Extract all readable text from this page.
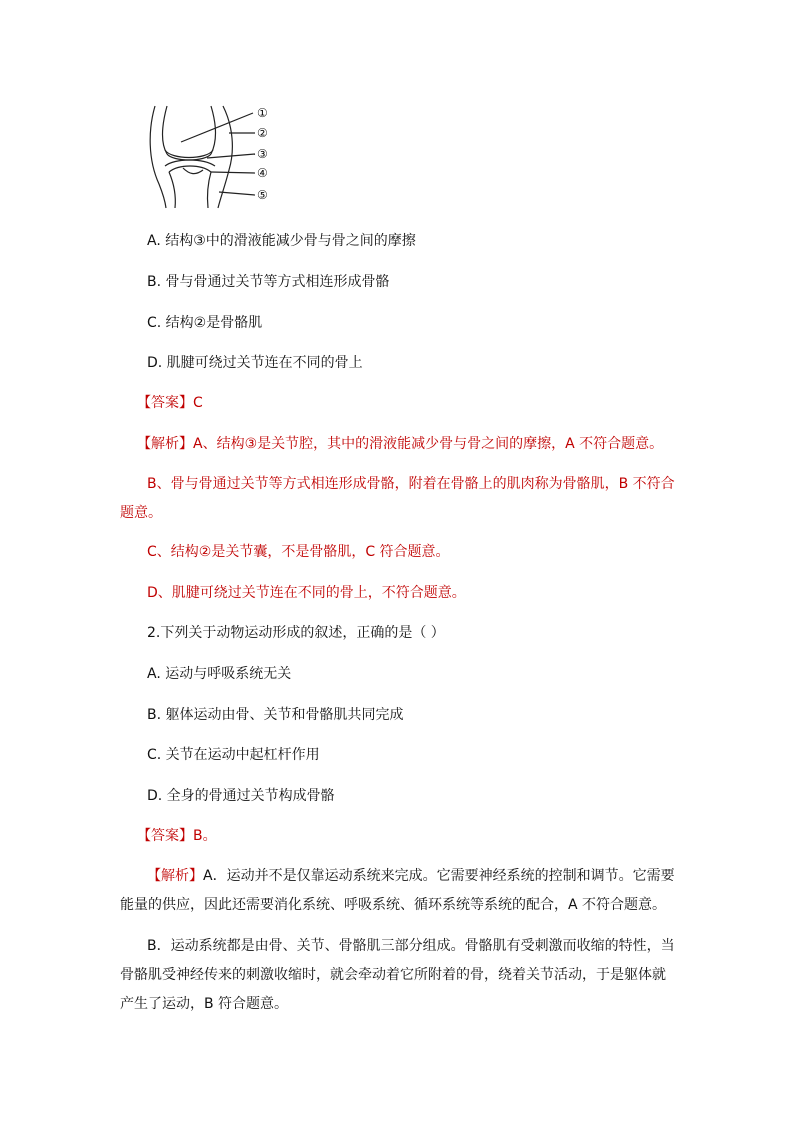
①
②
③
④
⑤

A. 结构③中的滑液能减少骨与骨之间的摩擦

B. 骨与骨通过关节等方式相连形成骨骼

C. 结构②是骨骼肌

D. 肌腱可绕过关节连在不同的骨上

【答案】C

【解析】A、结构③是关节腔，其中的滑液能减少骨与骨之间的摩擦，A 不符合题意。

B、骨与骨通过关节等方式相连形成骨骼，附着在骨骼上的肌肉称为骨骼肌，B 不符合题意。

C、结构②是关节囊，不是骨骼肌，C 符合题意。

D、肌腱可绕过关节连在不同的骨上，不符合题意。

2.下列关于动物运动形成的叙述，正确的是（ ）

A. 运动与呼吸系统无关

B. 躯体运动由骨、关节和骨骼肌共同完成

C. 关节在运动中起杠杆作用

D. 全身的骨通过关节构成骨骼

【答案】B。

【解析】A．运动并不是仅靠运动系统来完成。它需要神经系统的控制和调节。它需要能量的供应，因此还需要消化系统、呼吸系统、循环系统等系统的配合，A 不符合题意。

B．运动系统都是由骨、关节、骨骼肌三部分组成。骨骼肌有受刺激而收缩的特性，当骨骼肌受神经传来的刺激收缩时，就会牵动着它所附着的骨，绕着关节活动，于是躯体就产生了运动，B 符合题意。
